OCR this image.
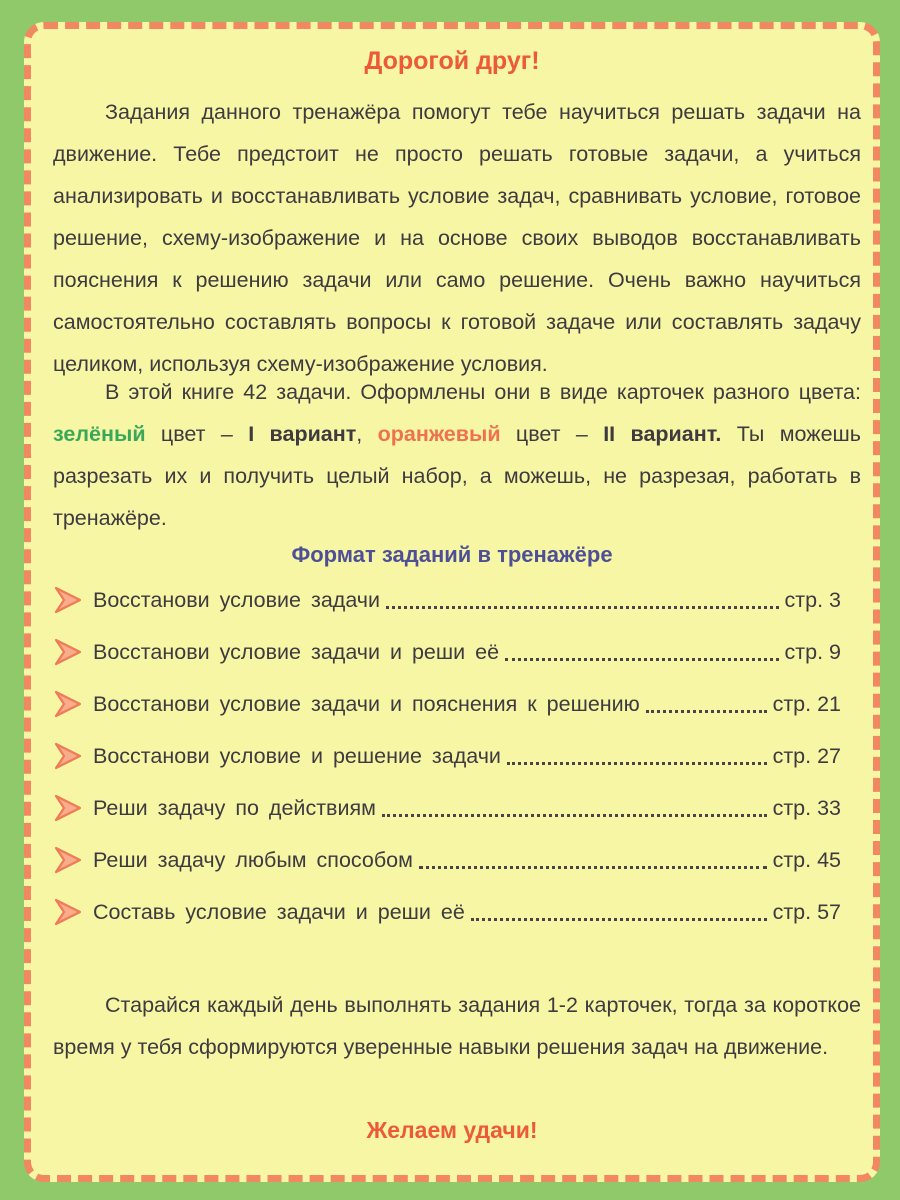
Дорогой друг!

Задания данного тренажёра помогут тебе научиться решать задачи на движение. Тебе предстоит не просто решать готовые задачи, а учиться анализировать и восстанавливать условие задач, сравнивать условие, готовое решение, схему-изображение и на основе своих выводов восстанавливать пояснения к решению задачи или само решение. Очень важно научиться самостоятельно составлять вопросы к готовой задаче или составлять задачу целиком, используя схему-изображение условия.

В этой книге 42 задачи. Оформлены они в виде карточек разного цвета: зелёный цвет – I вариант, оранжевый цвет – II вариант. Ты можешь разрезать их и получить целый набор, а можешь, не разрезая, работать в тренажёре.

Формат заданий в тренажёре
Восстанови условие задачи	стр. 3
Восстанови условие задачи и реши её	стр. 9
Восстанови условие задачи и пояснения к решению	стр. 21
Восстанови условие и решение задачи	стр. 27
Реши задачу по действиям	стр. 33
Реши задачу любым способом	стр. 45
Составь условие задачи и реши её	стр. 57

Старайся каждый день выполнять задания 1-2 карточек, тогда за короткое время у тебя сформируются уверенные навыки решения задач на движение.

Желаем удачи!
